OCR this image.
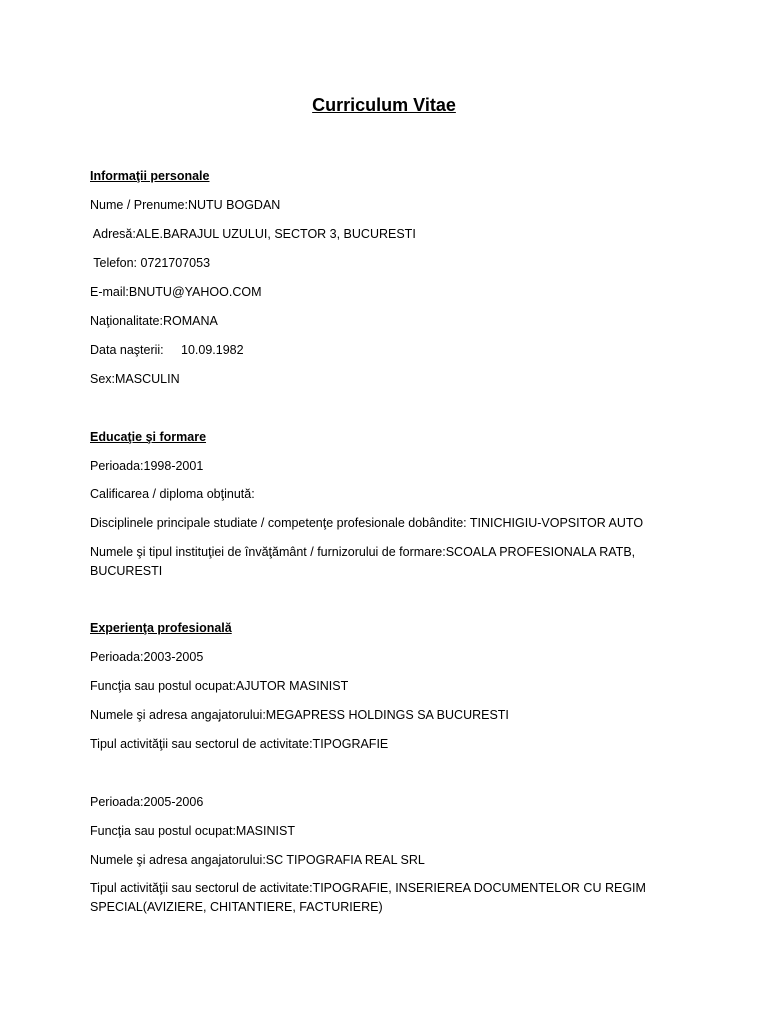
Curriculum Vitae
Informaţii personale
Nume / Prenume:NUTU BOGDAN
Adresă:ALE.BARAJUL UZULUI, SECTOR 3, BUCURESTI
Telefon: 0721707053
E-mail:BNUTU@YAHOO.COM
Naţionalitate:ROMANA
Data naşterii:     10.09.1982
Sex:MASCULIN
Educaţie şi formare
Perioada:1998-2001
Calificarea / diploma obţinută:
Disciplinele principale studiate / competenţe profesionale dobândite: TINICHIGIU-VOPSITOR AUTO
Numele şi tipul instituţiei de învăţământ / furnizorului de formare:SCOALA PROFESIONALA RATB, BUCURESTI
Experienţa profesională
Perioada:2003-2005
Funcţia sau postul ocupat:AJUTOR MASINIST
Numele şi adresa angajatorului:MEGAPRESS HOLDINGS SA BUCURESTI
Tipul activităţii sau sectorul de activitate:TIPOGRAFIE
Perioada:2005-2006
Funcţia sau postul ocupat:MASINIST
Numele şi adresa angajatorului:SC TIPOGRAFIA REAL SRL
Tipul activităţii sau sectorul de activitate:TIPOGRAFIE, INSERIEREA DOCUMENTELOR CU REGIM SPECIAL(AVIZIERE, CHITANTIERE, FACTURIERE)
